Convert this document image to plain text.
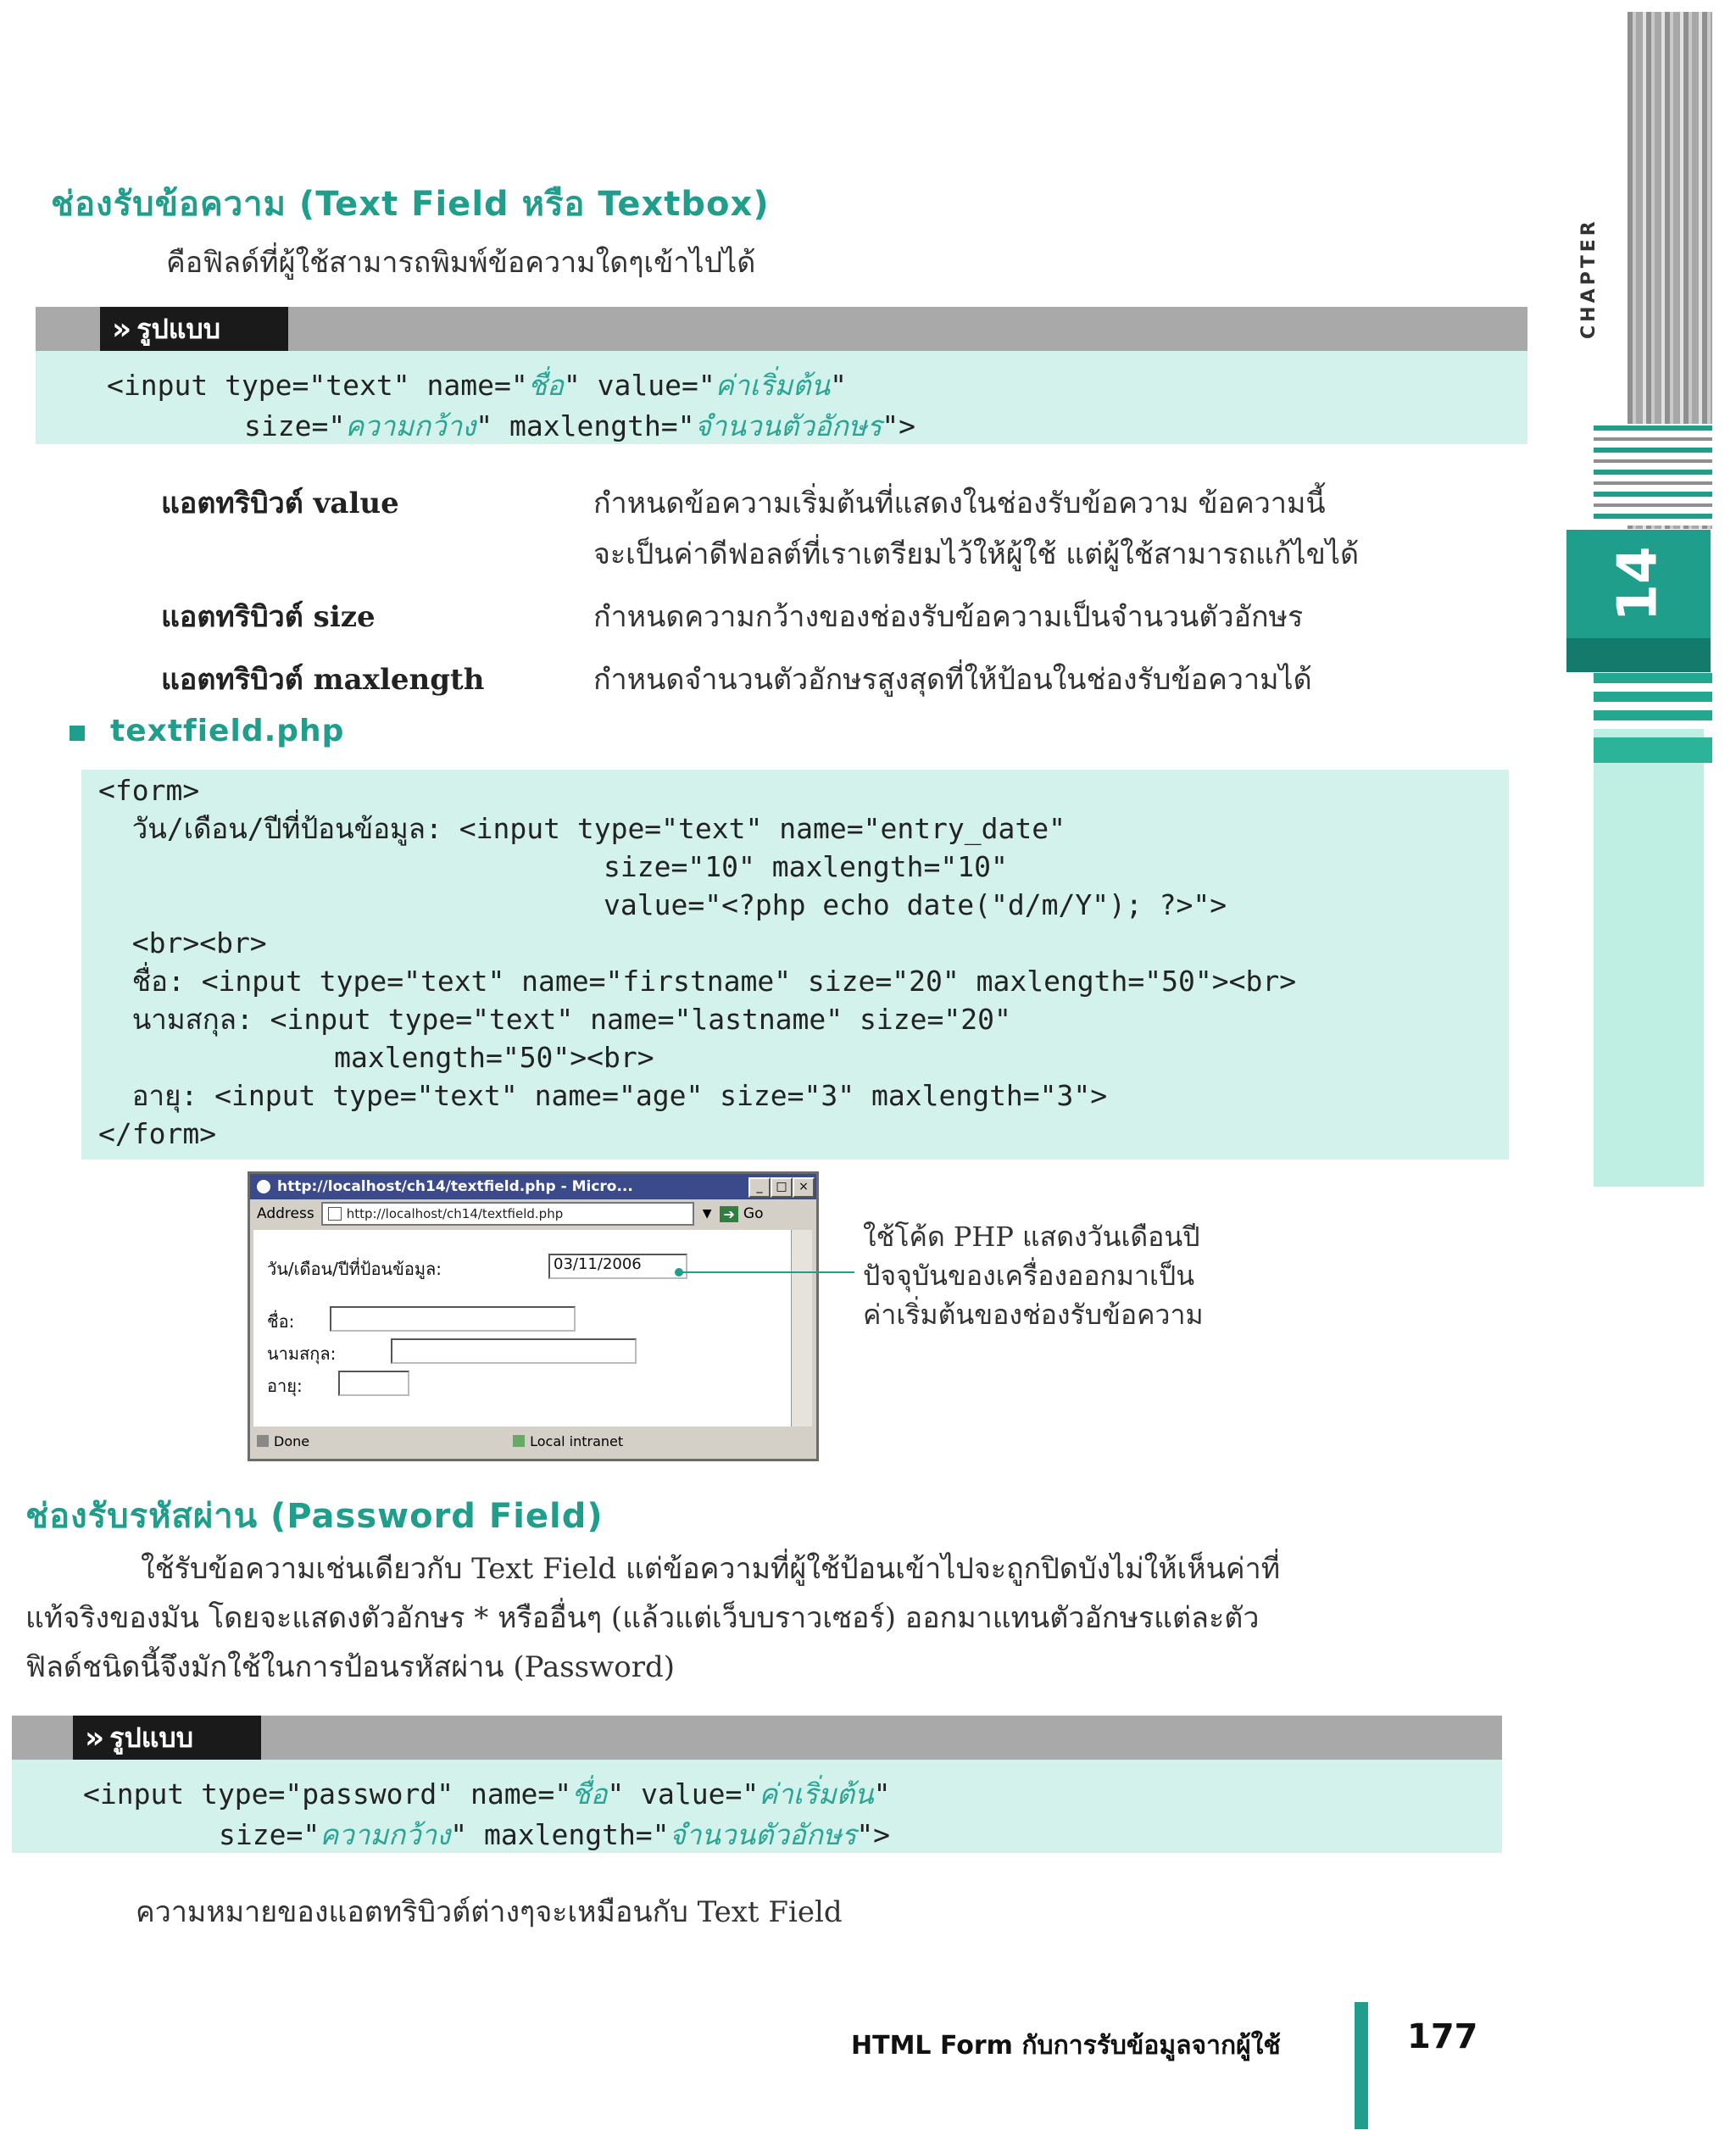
CHAPTER
14
ช่องรับข้อความ (Text Field หรือ Textbox)
คือฟิลด์ที่ผู้ใช้สามารถพิมพ์ข้อความใดๆเข้าไปได้
» รูปแบบ
<input type="text" name="ชื่อ" value="ค่าเริ่มต้น"
size="ความกว้าง" maxlength="จำนวนตัวอักษร">
แอตทริบิวต์ value	กำหนดข้อความเริ่มต้นที่แสดงในช่องรับข้อความ ข้อความนี้
จะเป็นค่าดีฟอลต์ที่เราเตรียมไว้ให้ผู้ใช้ แต่ผู้ใช้สามารถแก้ไขได้
แอตทริบิวต์ size	กำหนดความกว้างของช่องรับข้อความเป็นจำนวนตัวอักษร
แอตทริบิวต์ maxlength	กำหนดจำนวนตัวอักษรสูงสุดที่ให้ป้อนในช่องรับข้อความได้
textfield.php
<form>
วัน/เดือน/ปีที่ป้อนข้อมูล: <input type="text" name="entry_date"
size="10" maxlength="10"
value="<?php echo date("d/m/Y"); ?>">
<br><br>
ชื่อ: <input type="text" name="firstname" size="20" maxlength="50"><br>
นามสกุล: <input type="text" name="lastname" size="20"
maxlength="50"><br>
อายุ: <input type="text" name="age" size="3" maxlength="3">
</form>
http://localhost/ch14/textfield.php - Micro...	_	□ ×
Address	http://localhost/ch14/textfield.php	▼ ➔ Go
วัน/เดือน/ปีที่ป้อนข้อมูล:	03/11/2006
ชื่อ:
นามสกุล:
อายุ:
Done	Local intranet
ใช้โค้ด PHP แสดงวันเดือนปี
ปัจจุบันของเครื่องออกมาเป็น
ค่าเริ่มต้นของช่องรับข้อความ
ช่องรับรหัสผ่าน (Password Field)
ใช้รับข้อความเช่นเดียวกับ Text Field แต่ข้อความที่ผู้ใช้ป้อนเข้าไปจะถูกปิดบังไม่ให้เห็นค่าที่
แท้จริงของมัน โดยจะแสดงตัวอักษร * หรืออื่นๆ (แล้วแต่เว็บบราวเซอร์) ออกมาแทนตัวอักษรแต่ละตัว
ฟิลด์ชนิดนี้จึงมักใช้ในการป้อนรหัสผ่าน (Password)
» รูปแบบ
<input type="password" name="ชื่อ" value="ค่าเริ่มต้น"
size="ความกว้าง" maxlength="จำนวนตัวอักษร">
ความหมายของแอตทริบิวต์ต่างๆจะเหมือนกับ Text Field
HTML Form กับการรับข้อมูลจากผู้ใช้	177
